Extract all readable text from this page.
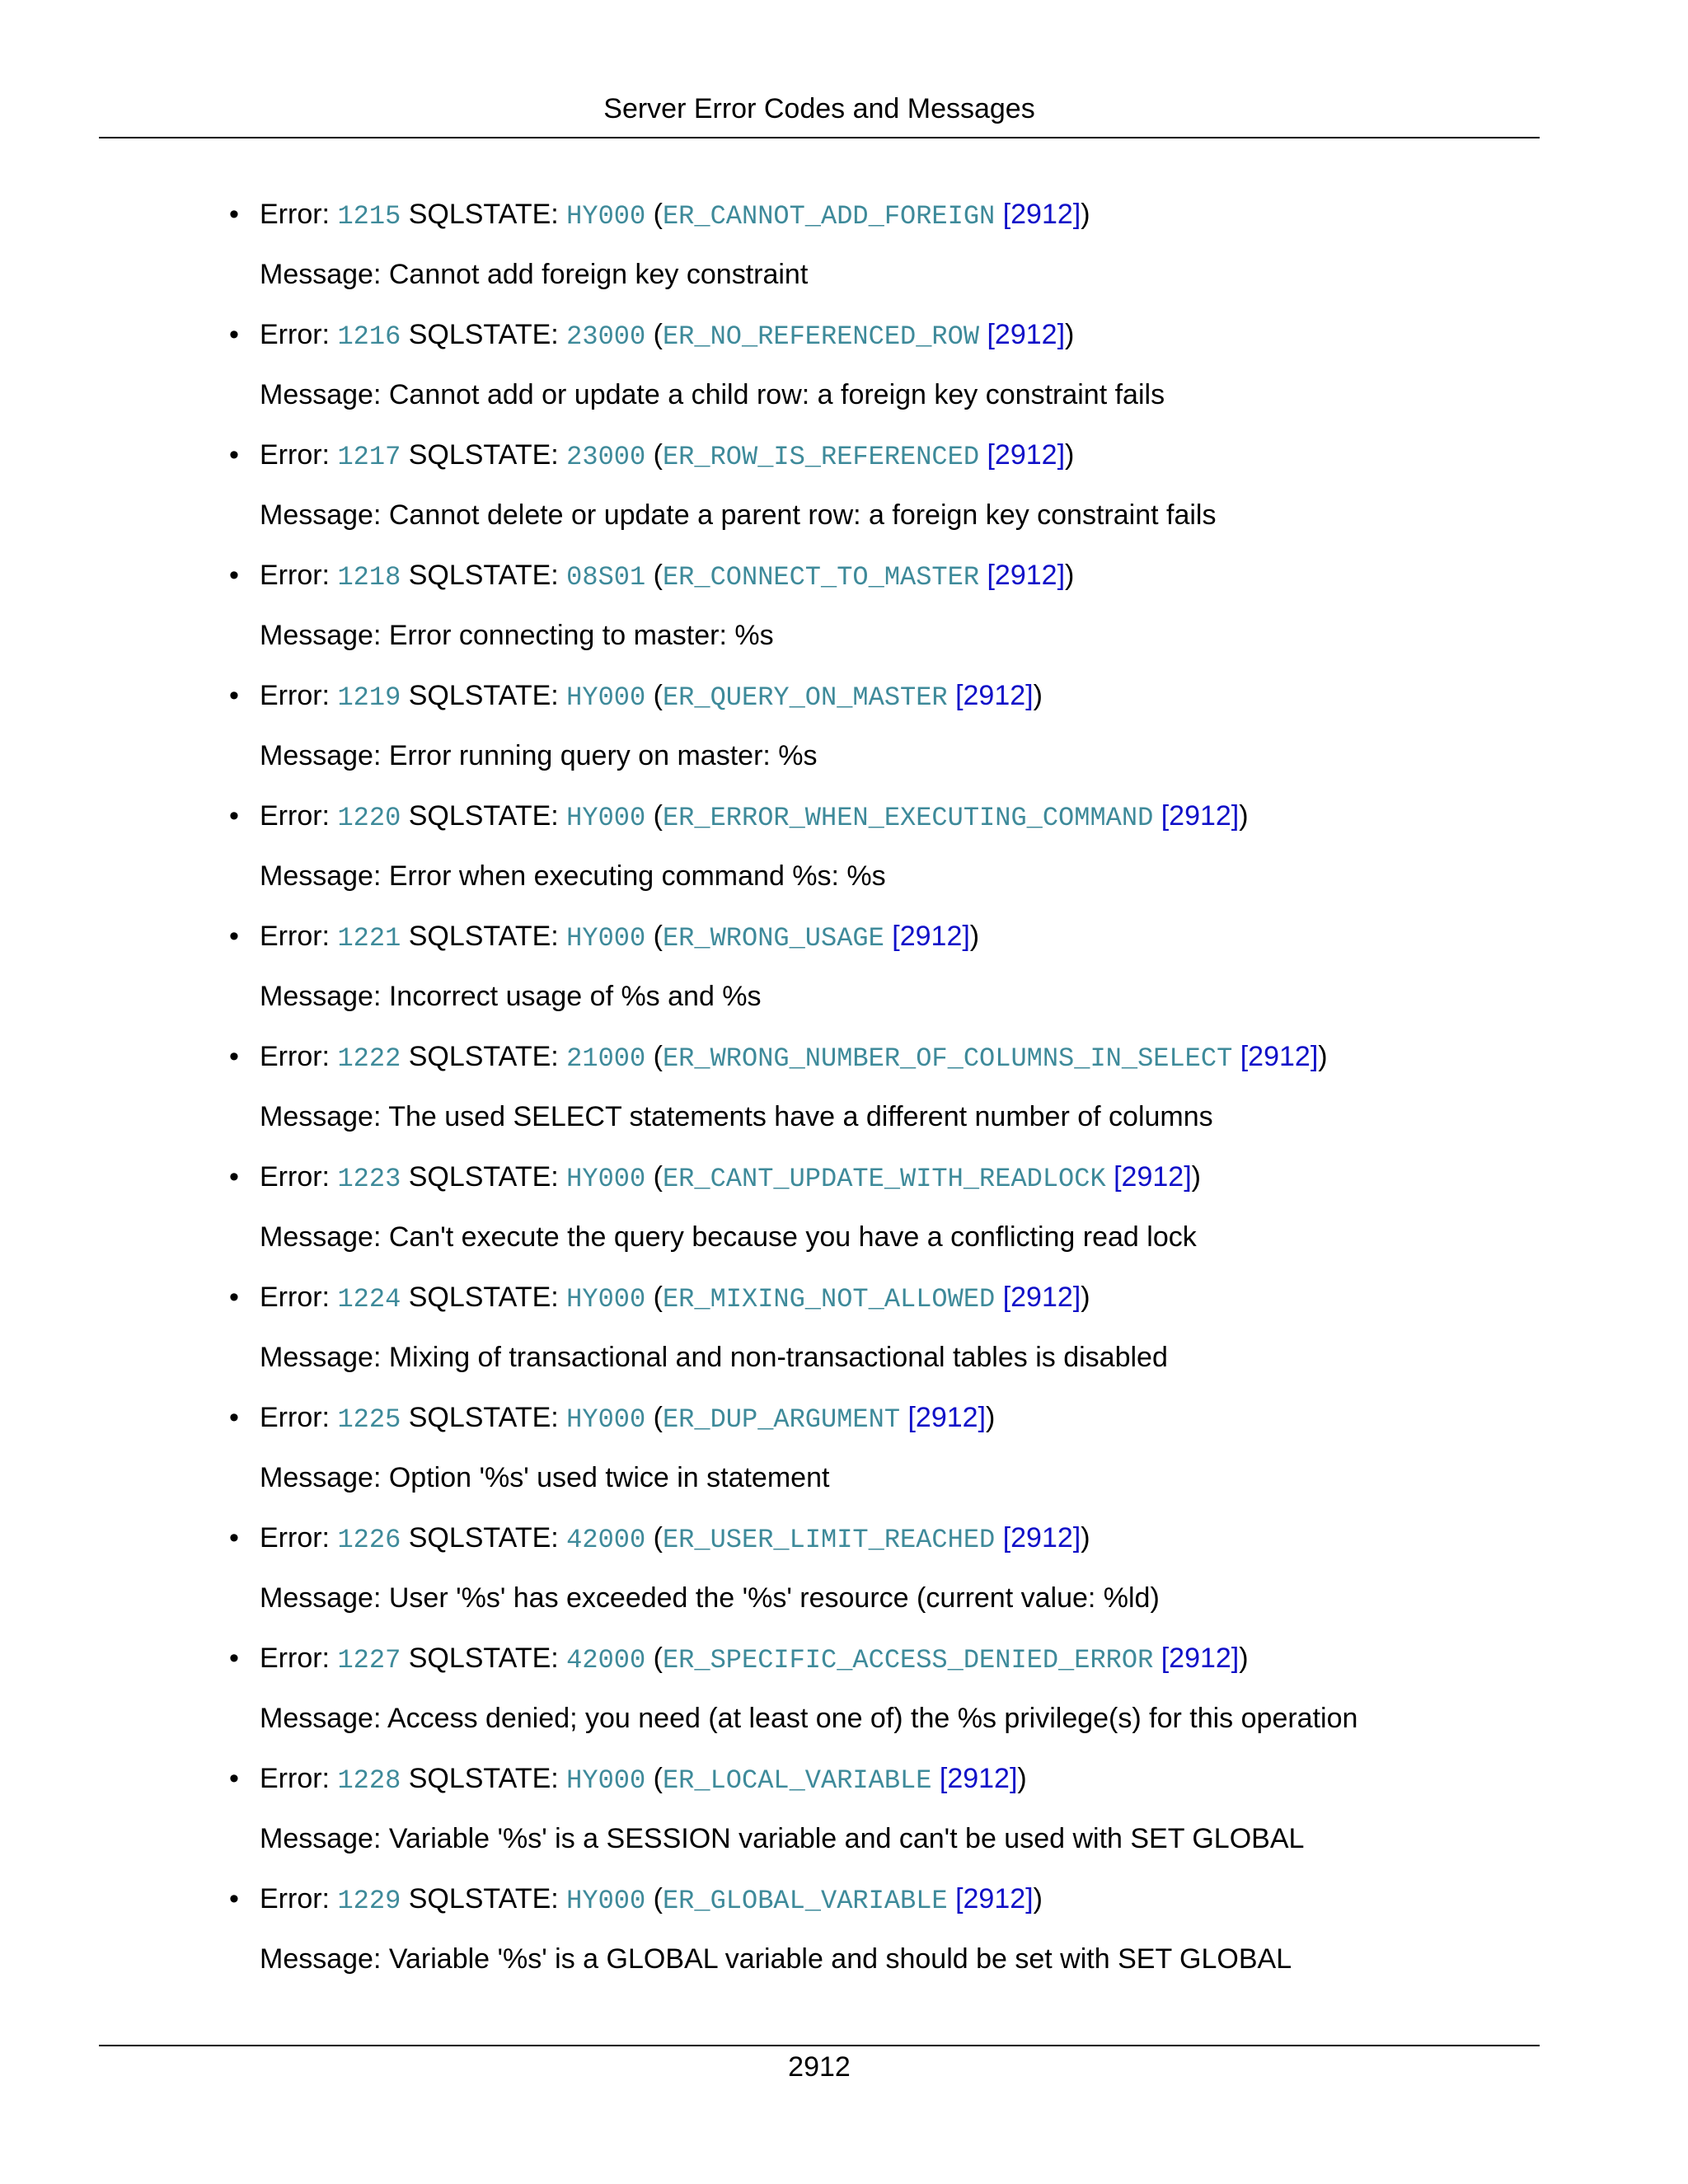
Server Error Codes and Messages
• Error: 1215 SQLSTATE: HY000 (ER_CANNOT_ADD_FOREIGN [2912])
Message: Cannot add foreign key constraint
• Error: 1216 SQLSTATE: 23000 (ER_NO_REFERENCED_ROW [2912])
Message: Cannot add or update a child row: a foreign key constraint fails
• Error: 1217 SQLSTATE: 23000 (ER_ROW_IS_REFERENCED [2912])
Message: Cannot delete or update a parent row: a foreign key constraint fails
• Error: 1218 SQLSTATE: 08S01 (ER_CONNECT_TO_MASTER [2912])
Message: Error connecting to master: %s
• Error: 1219 SQLSTATE: HY000 (ER_QUERY_ON_MASTER [2912])
Message: Error running query on master: %s
• Error: 1220 SQLSTATE: HY000 (ER_ERROR_WHEN_EXECUTING_COMMAND [2912])
Message: Error when executing command %s: %s
• Error: 1221 SQLSTATE: HY000 (ER_WRONG_USAGE [2912])
Message: Incorrect usage of %s and %s
• Error: 1222 SQLSTATE: 21000 (ER_WRONG_NUMBER_OF_COLUMNS_IN_SELECT [2912])
Message: The used SELECT statements have a different number of columns
• Error: 1223 SQLSTATE: HY000 (ER_CANT_UPDATE_WITH_READLOCK [2912])
Message: Can't execute the query because you have a conflicting read lock
• Error: 1224 SQLSTATE: HY000 (ER_MIXING_NOT_ALLOWED [2912])
Message: Mixing of transactional and non-transactional tables is disabled
• Error: 1225 SQLSTATE: HY000 (ER_DUP_ARGUMENT [2912])
Message: Option '%s' used twice in statement
• Error: 1226 SQLSTATE: 42000 (ER_USER_LIMIT_REACHED [2912])
Message: User '%s' has exceeded the '%s' resource (current value: %ld)
• Error: 1227 SQLSTATE: 42000 (ER_SPECIFIC_ACCESS_DENIED_ERROR [2912])
Message: Access denied; you need (at least one of) the %s privilege(s) for this operation
• Error: 1228 SQLSTATE: HY000 (ER_LOCAL_VARIABLE [2912])
Message: Variable '%s' is a SESSION variable and can't be used with SET GLOBAL
• Error: 1229 SQLSTATE: HY000 (ER_GLOBAL_VARIABLE [2912])
Message: Variable '%s' is a GLOBAL variable and should be set with SET GLOBAL
2912
